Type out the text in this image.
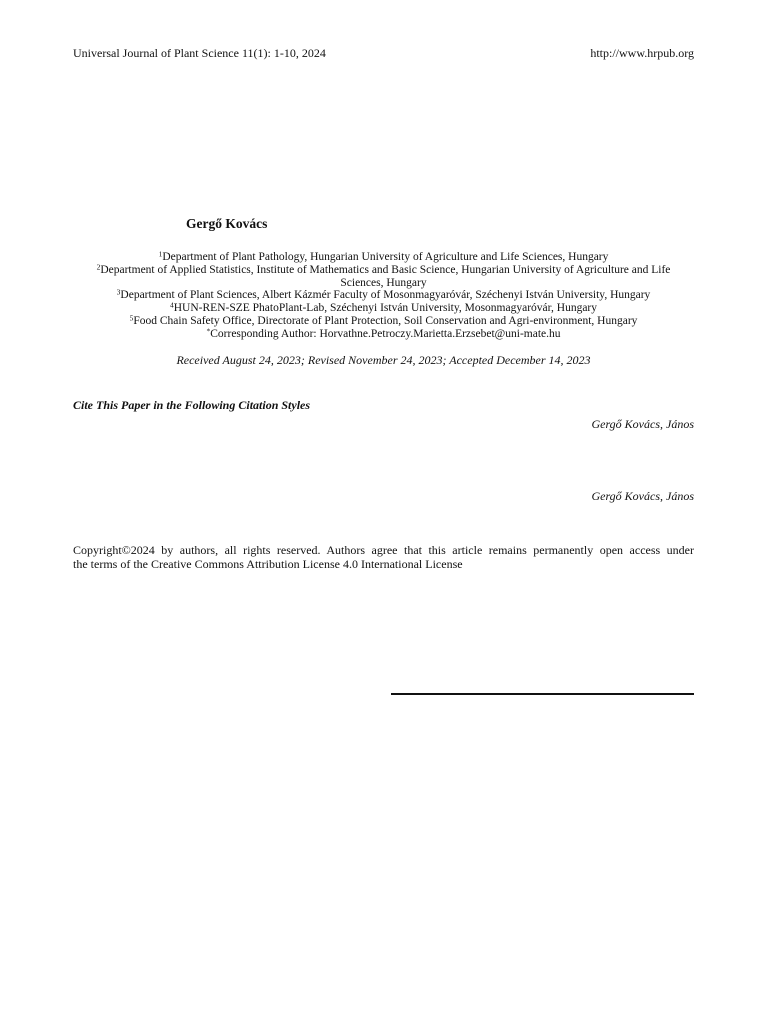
Universal Journal of Plant Science 11(1): 1-10, 2024	http://www.hrpub.org
Gergő Kovács
$^1$Department of Plant Pathology, Hungarian University of Agriculture and Life Sciences, Hungary
$^2$Department of Applied Statistics, Institute of Mathematics and Basic Science, Hungarian University of Agriculture and Life
Sciences, Hungary
$^3$Department of Plant Sciences, Albert Kázmér Faculty of Mosonmagyaróvár, Széchenyi István University, Hungary
$^4$HUN-REN-SZE PhatoPlant-Lab, Széchenyi István University, Mosonmagyaróvár, Hungary
$^5$Food Chain Safety Office, Directorate of Plant Protection, Soil Conservation and Agri-environment, Hungary
*Corresponding Author: Horvathne.Petroczy.Marietta.Erzsebet@uni-mate.hu
Received August 24, 2023; Revised November 24, 2023; Accepted December 14, 2023
Cite This Paper in the Following Citation Styles
Gergő Kovács, János
Gergő Kovács, János
Copyright©2024 by authors, all rights reserved. Authors agree that this article remains permanently open access under
the terms of the Creative Commons Attribution License 4.0 International License
